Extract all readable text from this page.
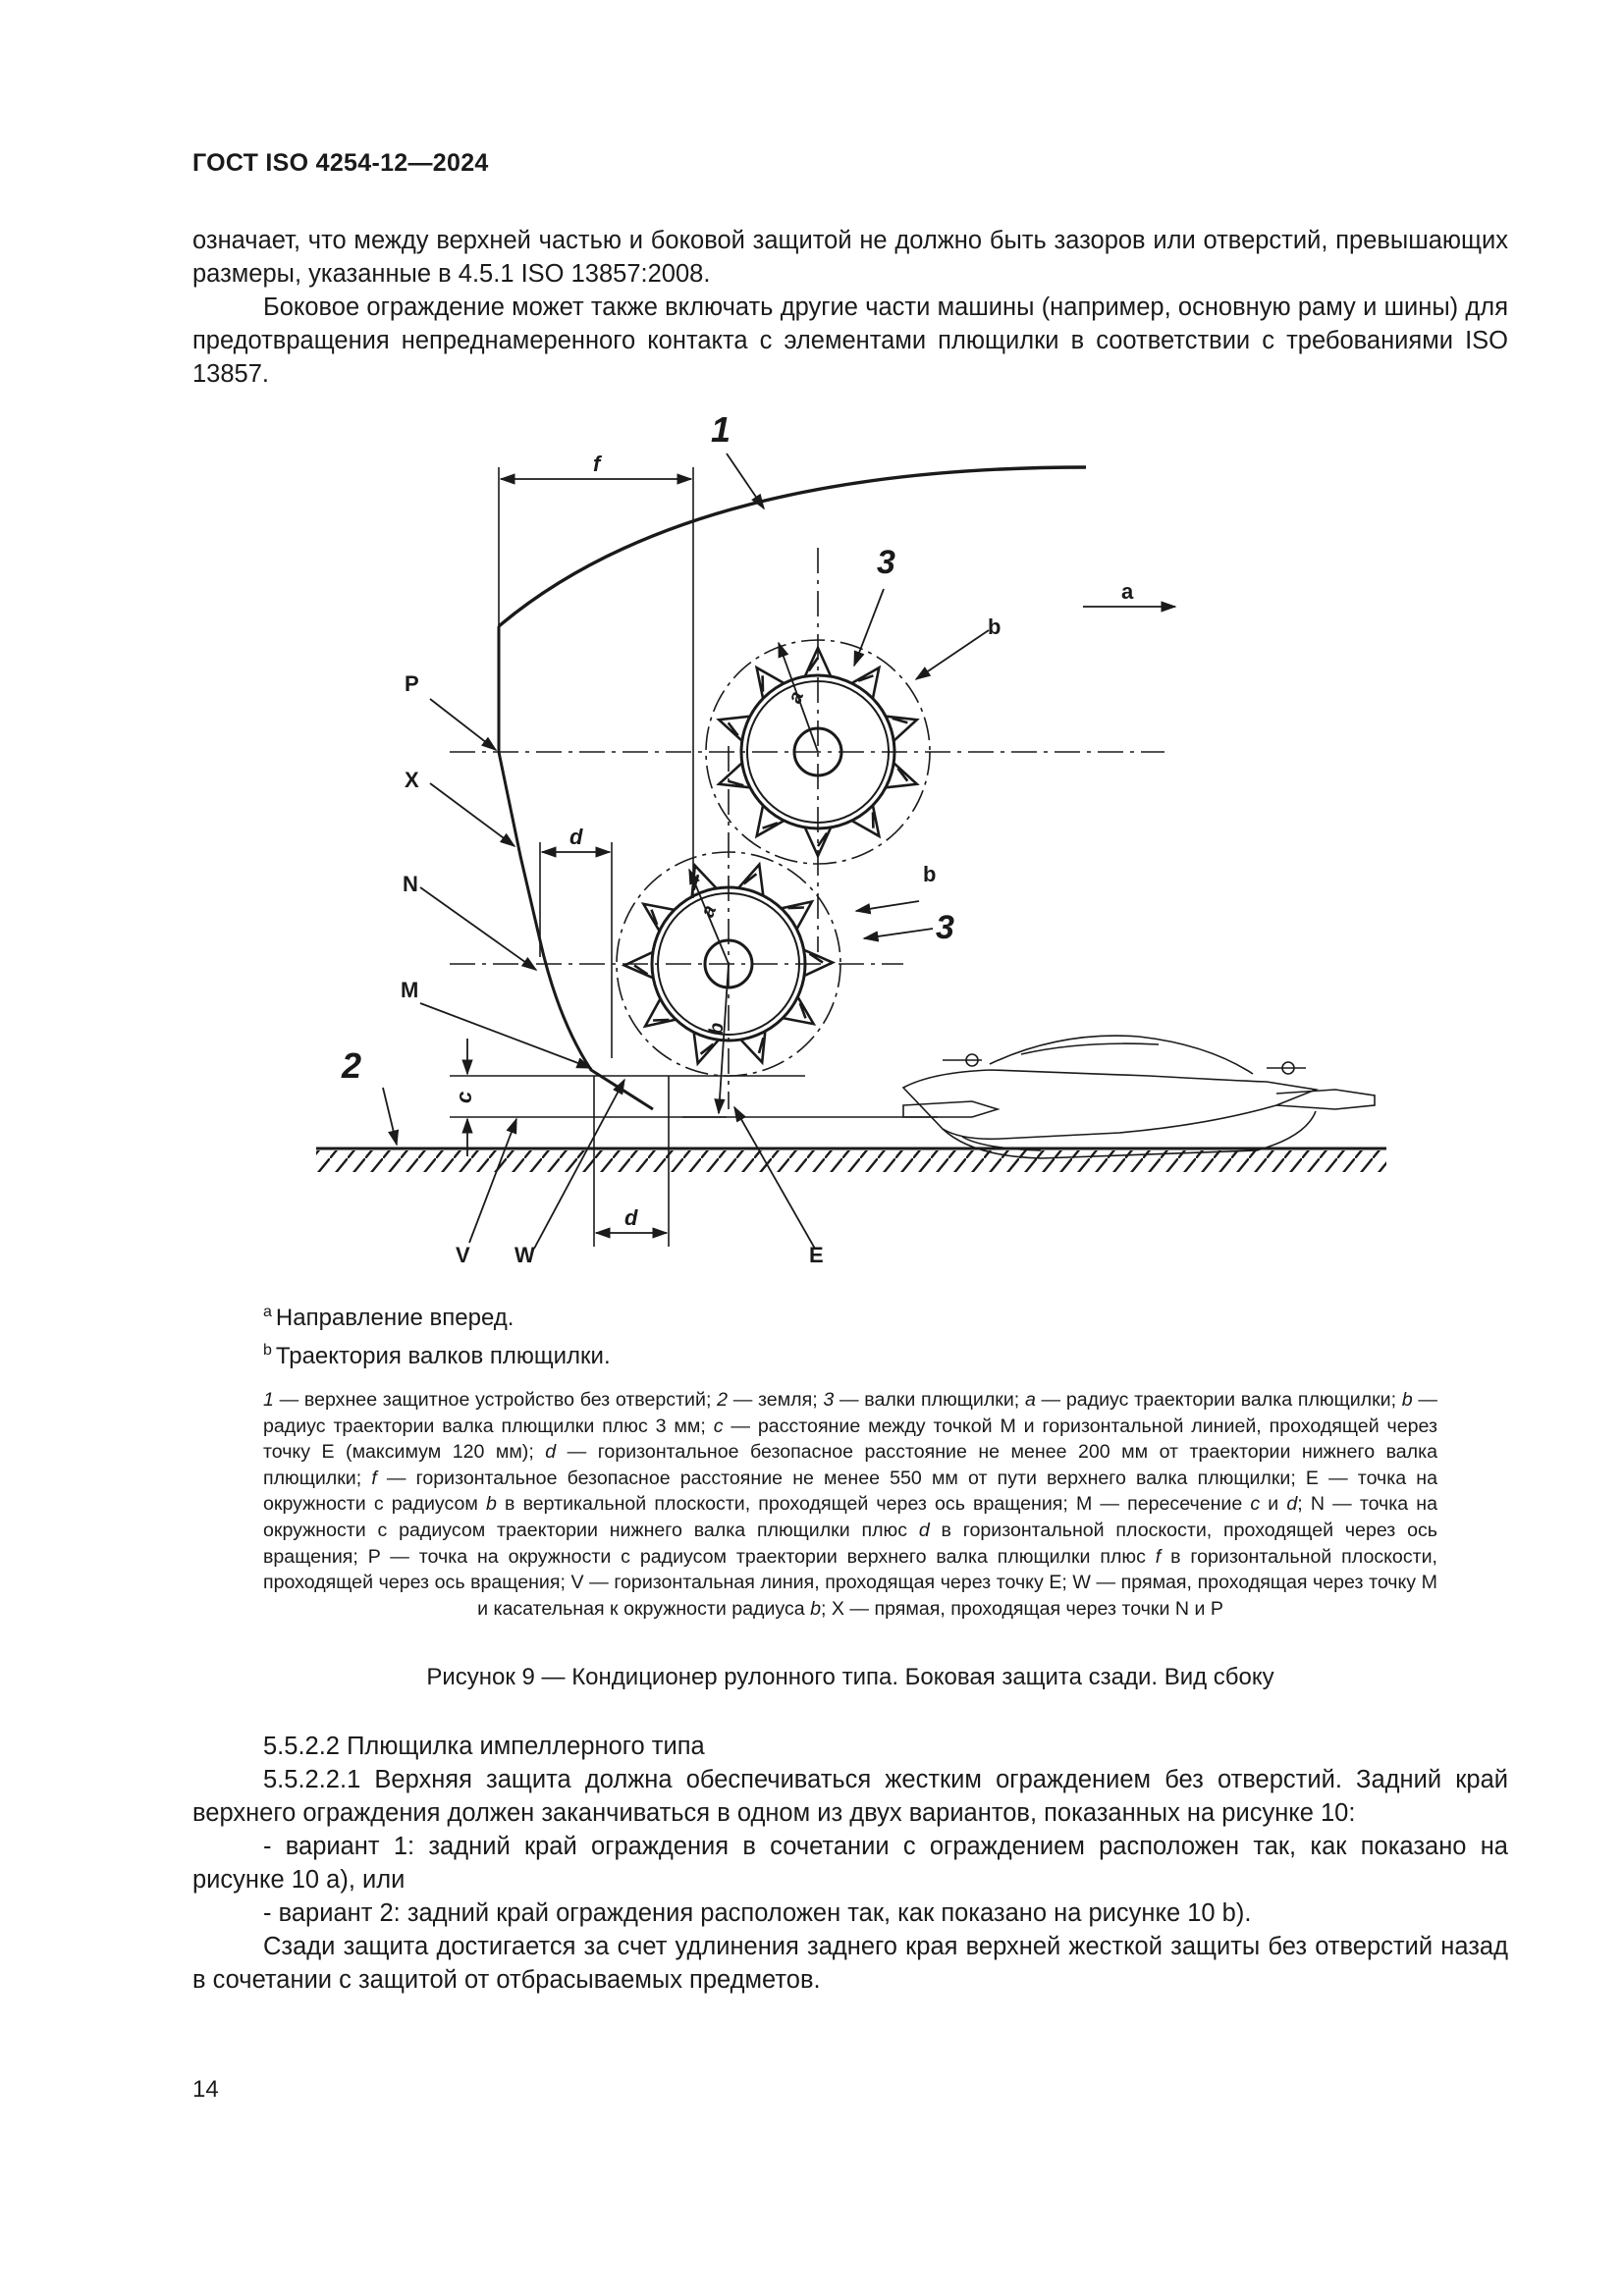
ГОСТ ISO 4254-12—2024
означает, что между верхней частью и боковой защитой не должно быть зазоров или отверстий, превышающих размеры, указанные в 4.5.1 ISO 13857:2008.
Боковое ограждение может также включать другие части машины (например, основную раму и шины) для предотвращения непреднамеренного контакта с элементами плющилки в соответствии с требованиями ISO 13857.
1
3
3
2
f
a
b
b
d
d
c
a
a
b
P
X
N
M
V W	E
$^a$ Направление вперед.
$^b$ Траектория валков плющилки.
1 — верхнее защитное устройство без отверстий; 2 — земля; 3 — валки плющилки; a — радиус траектории валка плющилки; b — радиус траектории валка плющилки плюс 3 мм; c — расстояние между точкой М и горизонтальной линией, проходящей через точку E (максимум 120 мм); d — горизонтальное безопасное расстояние не менее 200 мм от траектории нижнего валка плющилки; f — горизонтальное безопасное расстояние не менее 550 мм от пути верхнего валка плющилки; E — точка на окружности с радиусом b в вертикальной плоскости, проходящей через ось вращения; M — пересечение c и d; N — точка на окружности с радиусом траектории нижнего валка плющилки плюс d в горизонтальной плоскости, проходящей через ось вращения; P — точка на окружности с радиусом траектории верхнего валка плющилки плюс f в горизонтальной плоскости, проходящей через ось вращения; V — горизонтальная линия, проходящая через точку E; W — прямая, проходящая через точку M и касательная к окружности радиуса b; X — прямая, проходящая через точки N и P
Рисунок 9 — Кондиционер рулонного типа. Боковая защита сзади. Вид сбоку
5.5.2.2 Плющилка импеллерного типа
5.5.2.2.1 Верхняя защита должна обеспечиваться жестким ограждением без отверстий. Задний край верхнего ограждения должен заканчиваться в одном из двух вариантов, показанных на рисунке 10:
- вариант 1: задний край ограждения в сочетании с ограждением расположен так, как показано на рисунке 10 a), или
- вариант 2: задний край ограждения расположен так, как показано на рисунке 10 b).
Сзади защита достигается за счет удлинения заднего края верхней жесткой защиты без отверстий назад в сочетании с защитой от отбрасываемых предметов.
14
